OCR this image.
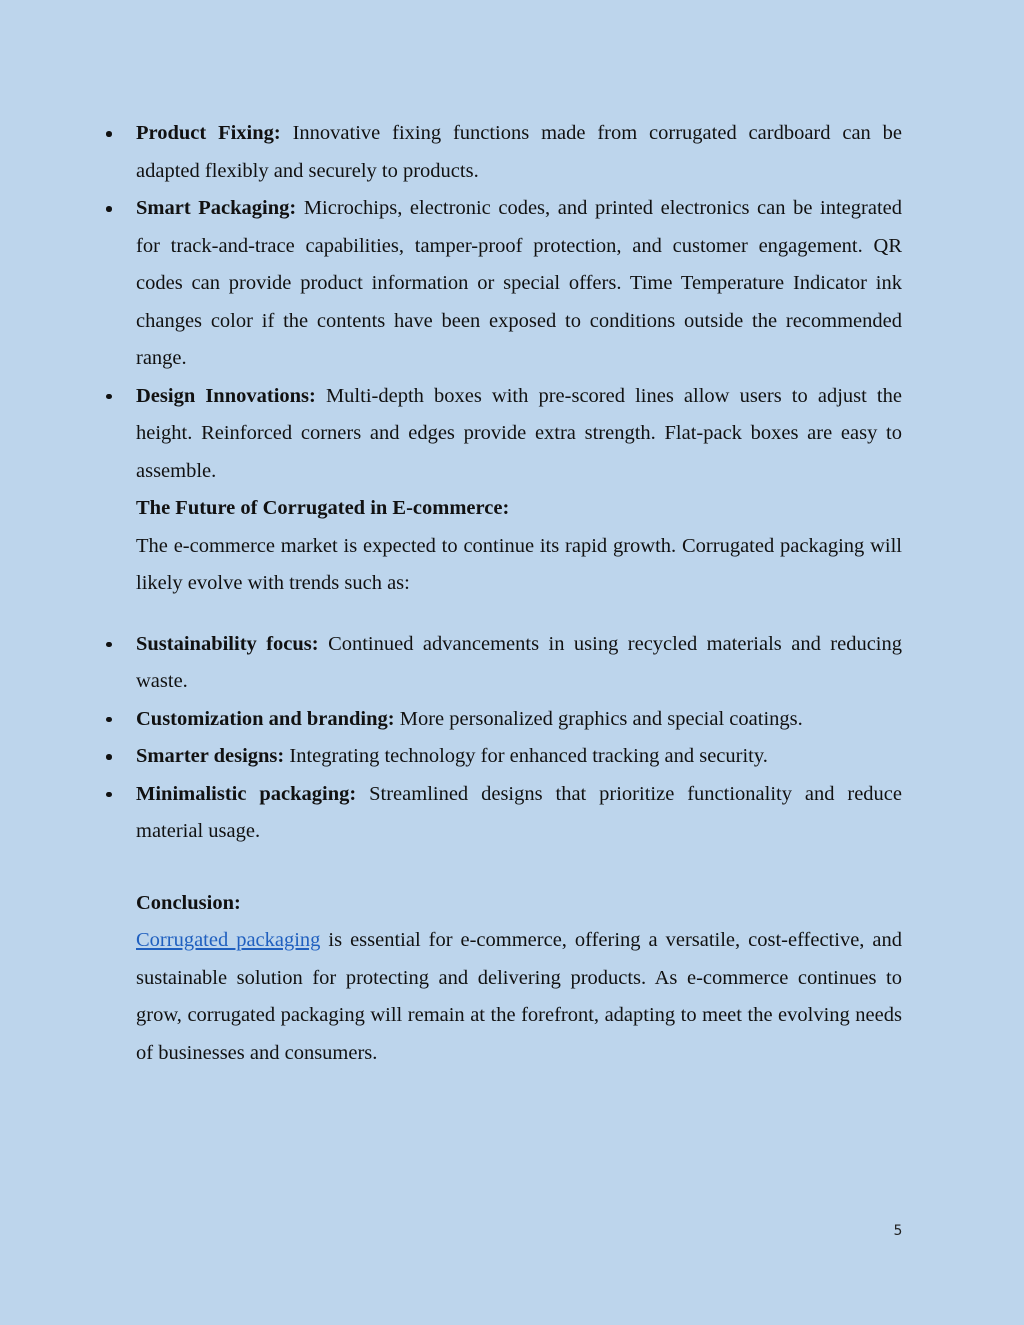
Product Fixing: Innovative fixing functions made from corrugated cardboard can be adapted flexibly and securely to products.
Smart Packaging: Microchips, electronic codes, and printed electronics can be integrated for track-and-trace capabilities, tamper-proof protection, and customer engagement. QR codes can provide product information or special offers. Time Temperature Indicator ink changes color if the contents have been exposed to conditions outside the recommended range.
Design Innovations: Multi-depth boxes with pre-scored lines allow users to adjust the height. Reinforced corners and edges provide extra strength. Flat-pack boxes are easy to assemble.

The Future of Corrugated in E-commerce:

The e-commerce market is expected to continue its rapid growth. Corrugated packaging will likely evolve with trends such as:

Sustainability focus: Continued advancements in using recycled materials and reducing waste.
Customization and branding: More personalized graphics and special coatings.
Smarter designs: Integrating technology for enhanced tracking and security.
Minimalistic packaging: Streamlined designs that prioritize functionality and reduce material usage.

Conclusion:

Corrugated packaging is essential for e-commerce, offering a versatile, cost-effective, and sustainable solution for protecting and delivering products. As e-commerce continues to grow, corrugated packaging will remain at the forefront, adapting to meet the evolving needs of businesses and consumers.

5
